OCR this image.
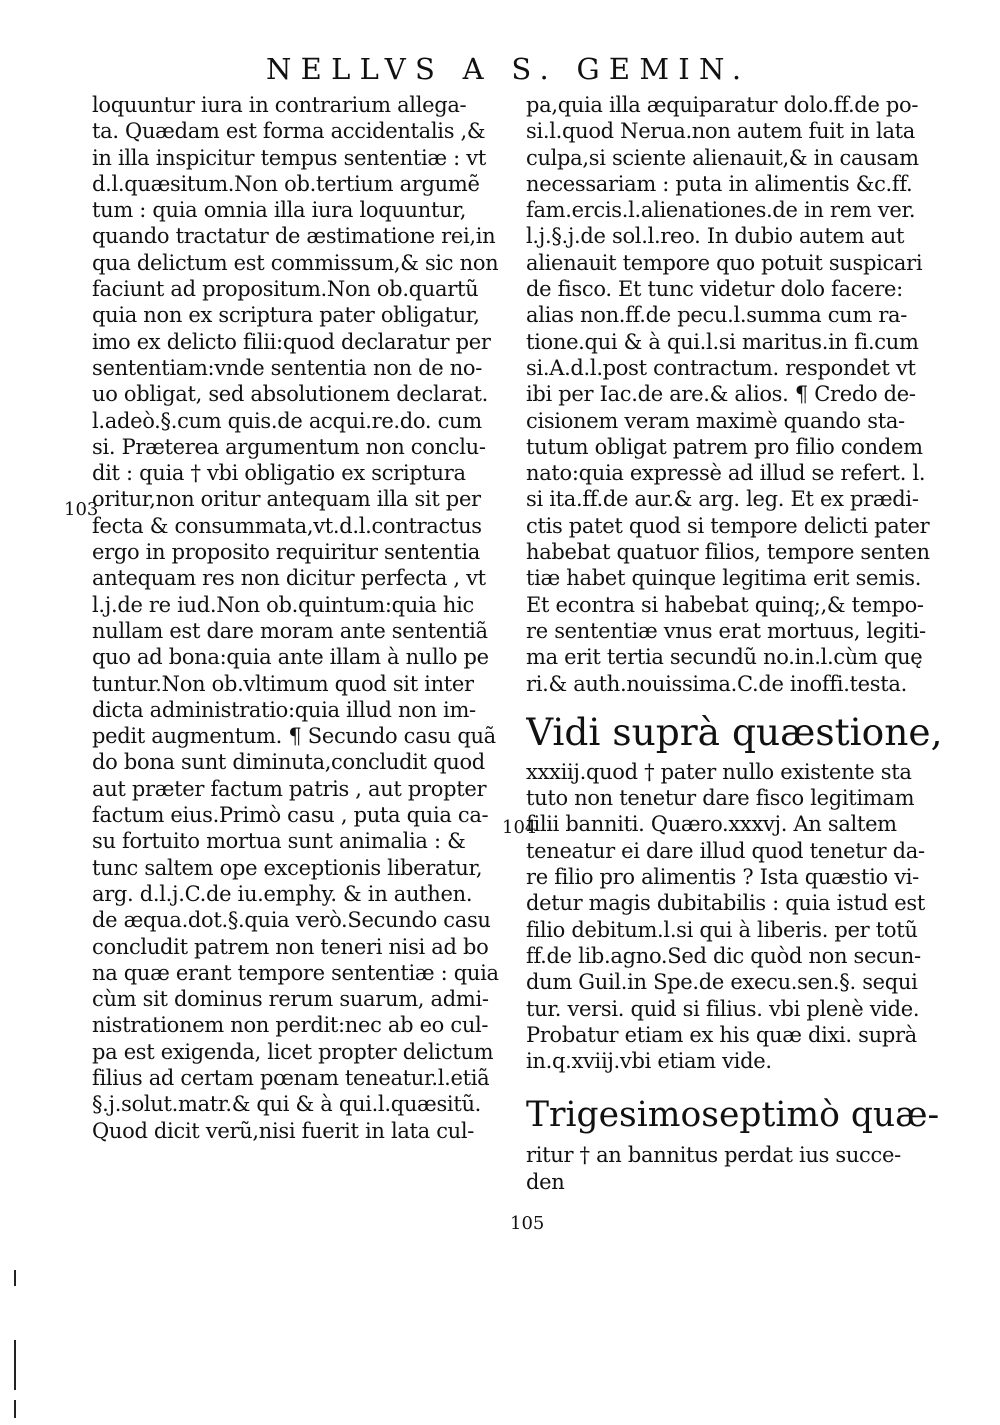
NELLVS A S. GEMIN.
103
104
105
loquuntur iura in contrarium allega-
ta. Quædam est forma accidentalis ,&
in illa inspicitur tempus sententiæ : vt
d.l.quæsitum.Non ob.tertium argumẽ
tum : quia omnia illa iura loquuntur,
quando tractatur de æstimatione rei,in
qua delictum est commissum,& sic non
faciunt ad propositum.Non ob.quartũ
quia non ex scriptura pater obligatur,
imo ex delicto filii:quod declaratur per
sententiam:vnde sententia non de no-
uo obligat, sed absolutionem declarat.
l.adeò.§.cum quis.de acqui.re.do. cum
si. Præterea argumentum non conclu-
dit : quia † vbi obligatio ex scriptura
oritur,non oritur antequam illa sit per
fecta & consummata,vt.d.l.contractus
ergo in proposito requiritur sententia
antequam res non dicitur perfecta , vt
l.j.de re iud.Non ob.quintum:quia hic
nullam est dare moram ante sententiã
quo ad bona:quia ante illam à nullo pe
tuntur.Non ob.vltimum quod sit inter
dicta administratio:quia illud non im-
pedit augmentum. ¶ Secundo casu quã
do bona sunt diminuta,concludit quod
aut præter factum patris , aut propter
factum eius.Primò casu , puta quia ca-
su fortuito mortua sunt animalia : &
tunc saltem ope exceptionis liberatur,
arg. d.l.j.C.de iu.emphy. & in authen.
de æqua.dot.§.quia verò.Secundo casu
concludit patrem non teneri nisi ad bo
na quæ erant tempore sententiæ : quia
cùm sit dominus rerum suarum, admi-
nistrationem non perdit:nec ab eo cul-
pa est exigenda, licet propter delictum
filius ad certam pœnam teneatur.l.etiã
§.j.solut.matr.& qui & à qui.l.quæsitũ.
Quod dicit verũ,nisi fuerit in lata cul-
pa,quia illa æquiparatur dolo.ff.de po-
si.l.quod Nerua.non autem fuit in lata
culpa,si sciente alienauit,& in causam
necessariam : puta in alimentis &c.ff.
fam.ercis.l.alienationes.de in rem ver.
l.j.§.j.de sol.l.reo. In dubio autem aut
alienauit tempore quo potuit suspicari
de fisco. Et tunc videtur dolo facere:
alias non.ff.de pecu.l.summa cum ra-
tione.qui & à qui.l.si maritus.in fi.cum
si.A.d.l.post contractum. respondet vt
ibi per Iac.de are.& alios. ¶ Credo de-
cisionem veram maximè quando sta-
tutum obligat patrem pro filio condem
nato:quia expressè ad illud se refert. l.
si ita.ff.de aur.& arg. leg. Et ex prædi-
ctis patet quod si tempore delicti pater
habebat quatuor filios, tempore senten
tiæ habet quinque legitima erit semis.
Et econtra si habebat quinq;,& tempo-
re sententiæ vnus erat mortuus, legiti-
ma erit tertia secundũ no.in.l.cùm quę
ri.& auth.nouissima.C.de inoffi.testa.
Vidi suprà quæstione,
xxxiij.quod † pater nullo existente sta
tuto non tenetur dare fisco legitimam
filii banniti. Quæro.xxxvj. An saltem
teneatur ei dare illud quod tenetur da-
re filio pro alimentis ? Ista quæstio vi-
detur magis dubitabilis : quia istud est
filio debitum.l.si qui à liberis. per totũ
ff.de lib.agno.Sed dic quòd non secun-
dum Guil.in Spe.de execu.sen.§. sequi
tur. versi. quid si filius. vbi plenè vide.
Probatur etiam ex his quæ dixi. suprà
in.q.xviij.vbi etiam vide.
Trigesimoseptimò quæ-
ritur † an bannitus perdat ius succe-
den
